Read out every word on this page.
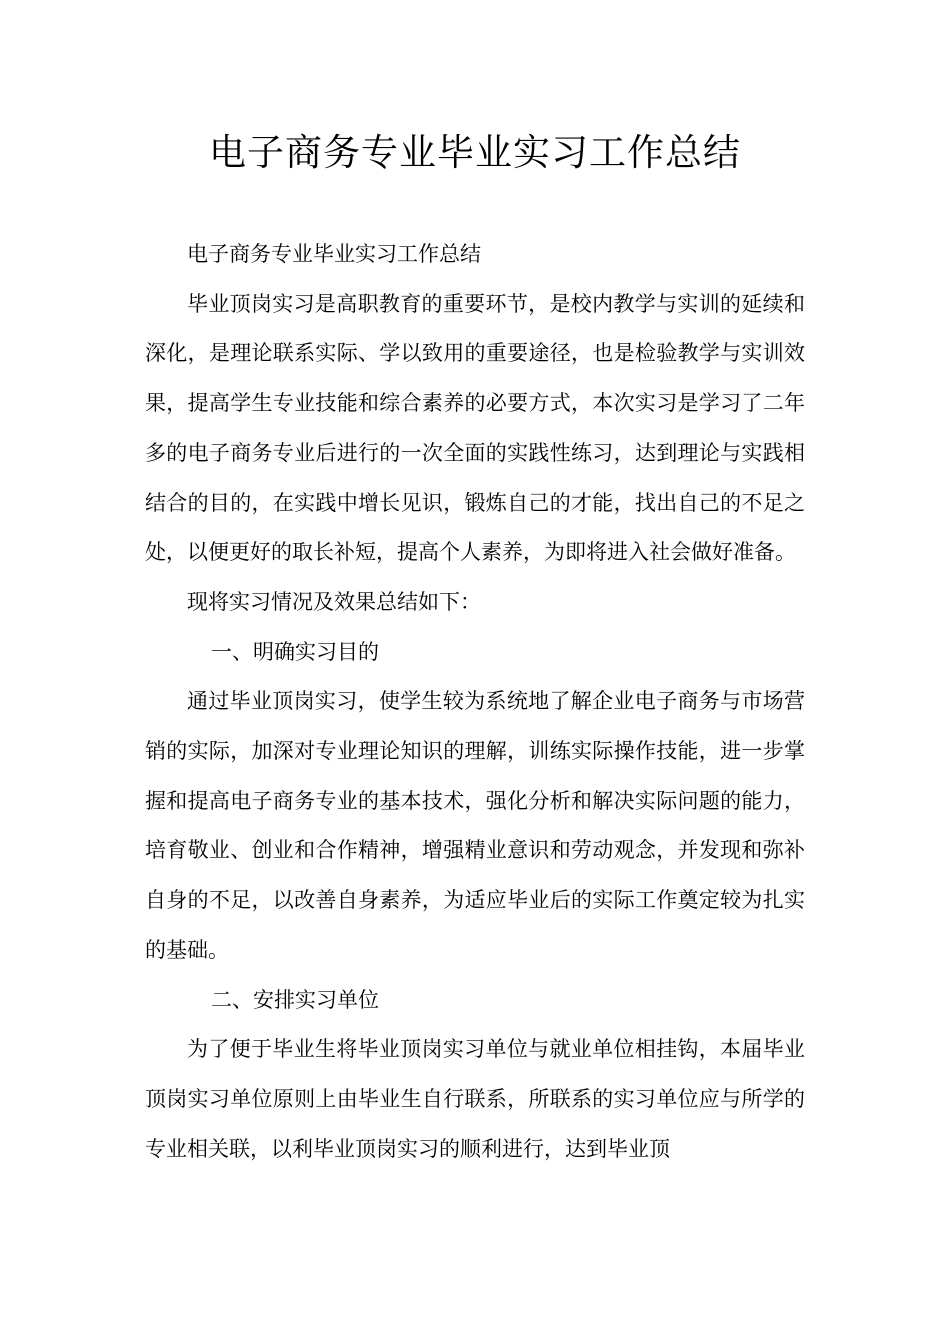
电子商务专业毕业实习工作总结

电子商务专业毕业实习工作总结

毕业顶岗实习是高职教育的重要环节，是校内教学与实训的延续和深化，是理论联系实际、学以致用的重要途径，也是检验教学与实训效果，提高学生专业技能和综合素养的必要方式，本次实习是学习了二年多的电子商务专业后进行的一次全面的实践性练习，达到理论与实践相结合的目的，在实践中增长见识，锻炼自己的才能，找出自己的不足之处，以便更好的取长补短，提高个人素养，为即将进入社会做好准备。

现将实习情况及效果总结如下：

一、明确实习目的

通过毕业顶岗实习，使学生较为系统地了解企业电子商务与市场营销的实际，加深对专业理论知识的理解，训练实际操作技能，进一步掌握和提高电子商务专业的基本技术，强化分析和解决实际问题的能力，培育敬业、创业和合作精神，增强精业意识和劳动观念，并发现和弥补自身的不足，以改善自身素养，为适应毕业后的实际工作奠定较为扎实的基础。

二、安排实习单位

为了便于毕业生将毕业顶岗实习单位与就业单位相挂钩，本届毕业顶岗实习单位原则上由毕业生自行联系，所联系的实习单位应与所学的专业相关联，以利毕业顶岗实习的顺利进行，达到毕业顶
